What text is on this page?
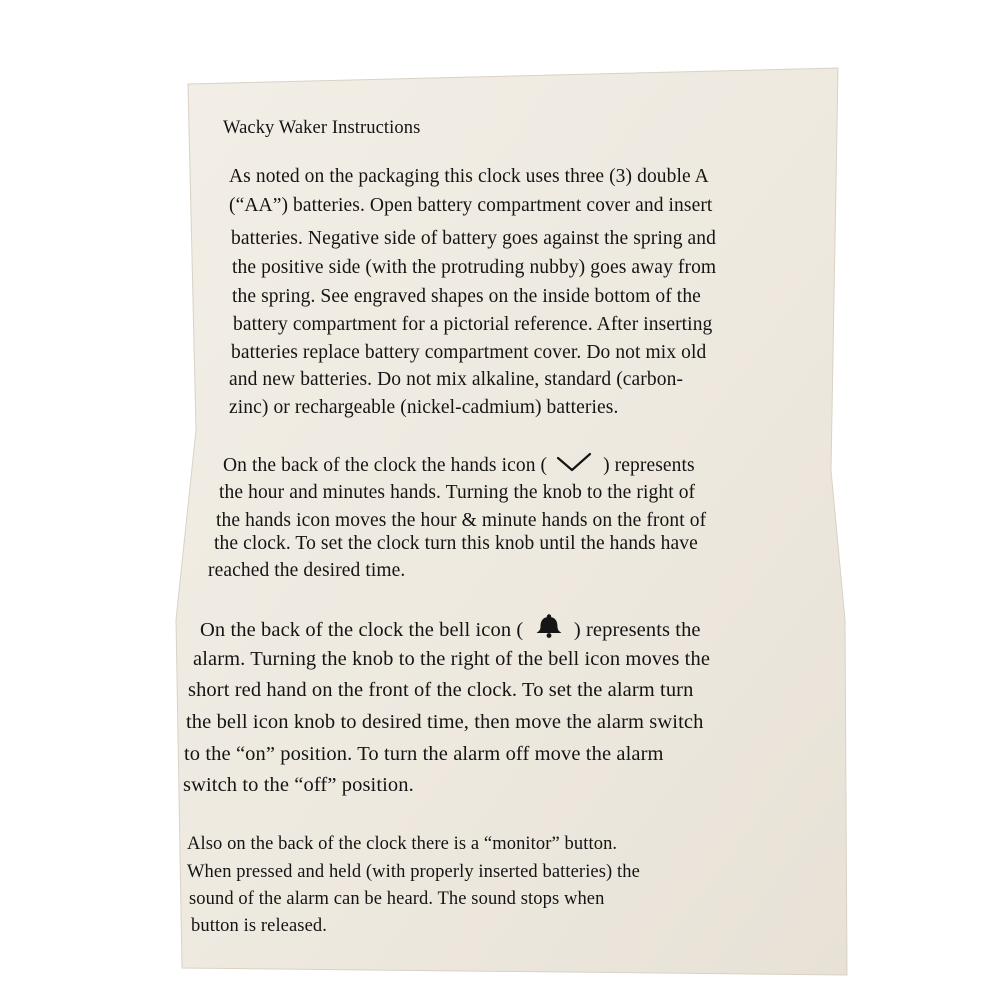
Wacky Waker Instructions
As noted on the packaging this clock uses three (3) double A
(“AA”) batteries. Open battery compartment cover and insert
batteries. Negative side of battery goes against the spring and
the positive side (with the protruding nubby) goes away from
the spring. See engraved shapes on the inside bottom of the
battery compartment for a pictorial reference. After inserting
batteries replace battery compartment cover. Do not mix old
and new batteries. Do not mix alkaline, standard (carbon-
zinc) or rechargeable (nickel-cadmium) batteries.
On the back of the clock the hands icon (	) represents
the hour and minutes hands. Turning the knob to the right of
the hands icon moves the hour & minute hands on the front of
the clock. To set the clock turn this knob until the hands have
reached the desired time.
On the back of the clock the bell icon ( ) represents the
alarm. Turning the knob to the right of the bell icon moves the
short red hand on the front of the clock. To set the alarm turn
the bell icon knob to desired time, then move the alarm switch
to the “on” position. To turn the alarm off move the alarm
switch to the “off” position.
Also on the back of the clock there is a “monitor” button.
When pressed and held (with properly inserted batteries) the
sound of the alarm can be heard. The sound stops when
button is released.
